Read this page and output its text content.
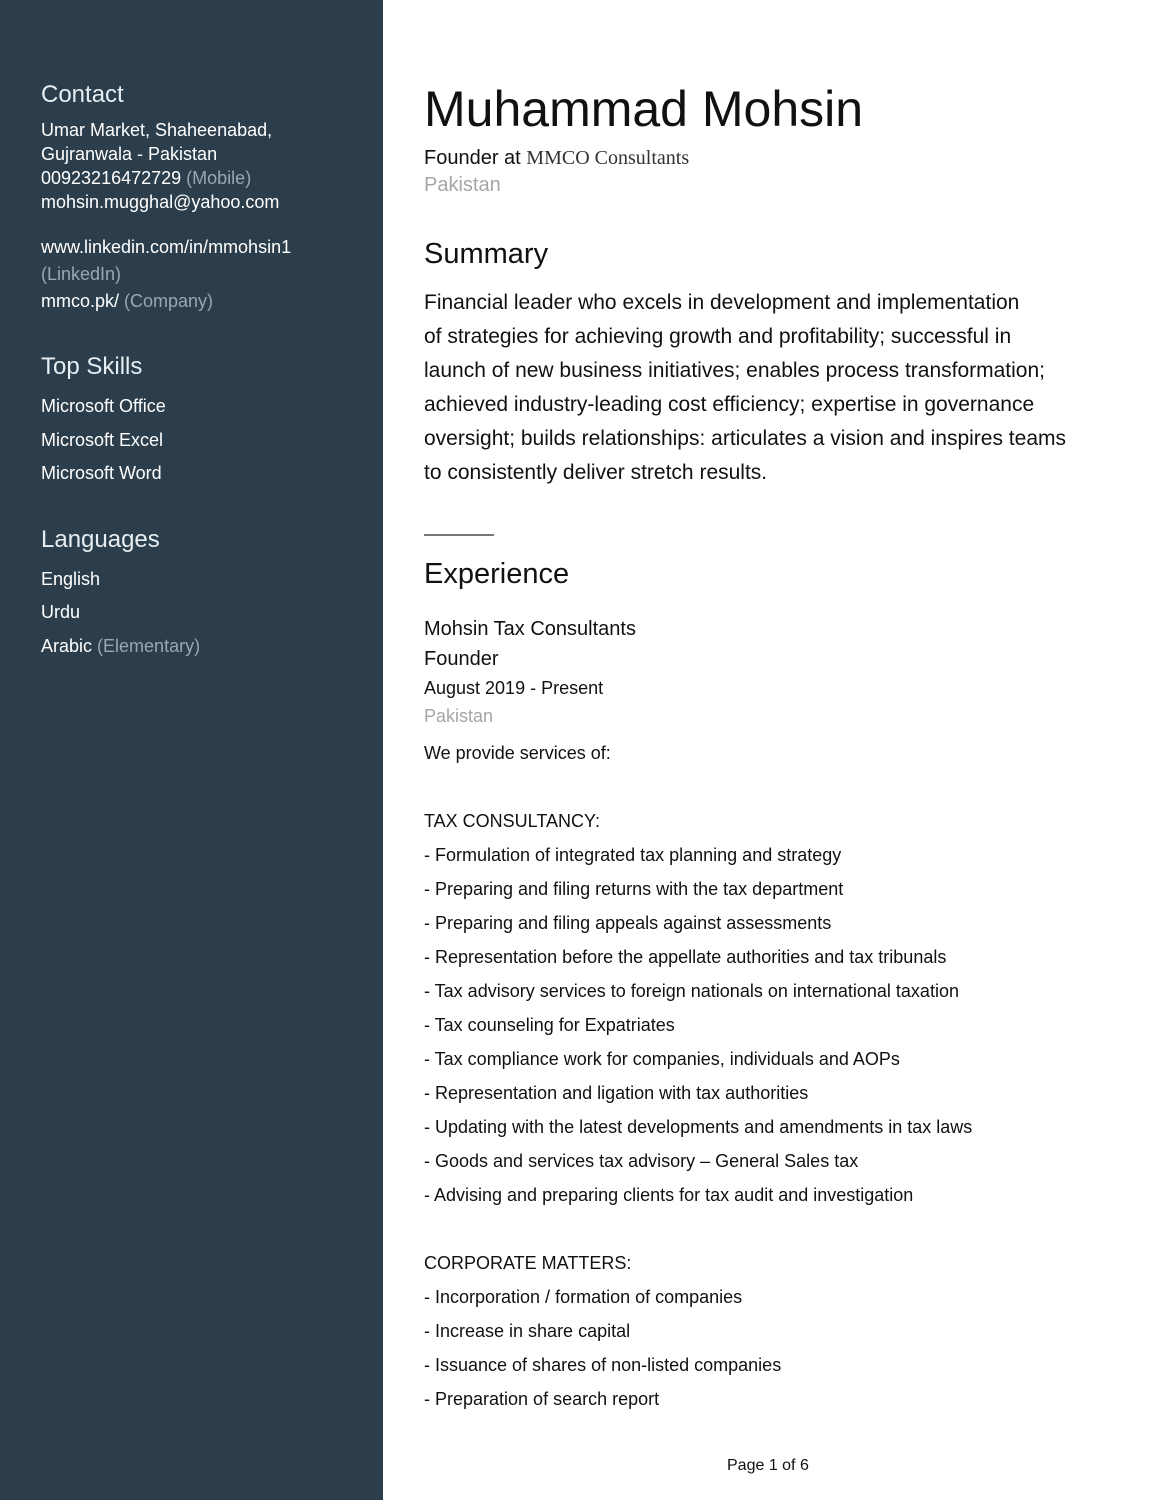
Contact
Umar Market, Shaheenabad,
Gujranwala - Pakistan
00923216472729 (Mobile)
mohsin.mugghal@yahoo.com
www.linkedin.com/in/mmohsin1
(LinkedIn)
mmco.pk/ (Company)
Top Skills
Microsoft Office
Microsoft Excel
Microsoft Word
Languages
English
Urdu
Arabic (Elementary)
Muhammad Mohsin
Founder at MMCO Consultants
Pakistan
Summary
Financial leader who excels in development and implementation
of strategies for achieving growth and profitability; successful in
launch of new business initiatives; enables process transformation;
achieved industry-leading cost efficiency; expertise in governance
oversight; builds relationships: articulates a vision and inspires teams
to consistently deliver stretch results.
Experience
Mohsin Tax Consultants
Founder
August 2019 - Present
Pakistan
We provide services of:
TAX CONSULTANCY:
- Formulation of integrated tax planning and strategy
- Preparing and filing returns with the tax department
- Preparing and filing appeals against assessments
- Representation before the appellate authorities and tax tribunals
- Tax advisory services to foreign nationals on international taxation
- Tax counseling for Expatriates
- Tax compliance work for companies, individuals and AOPs
- Representation and ligation with tax authorities
- Updating with the latest developments and amendments in tax laws
- Goods and services tax advisory – General Sales tax
- Advising and preparing clients for tax audit and investigation
CORPORATE MATTERS:
- Incorporation / formation of companies
- Increase in share capital
- Issuance of shares of non-listed companies
- Preparation of search report
Page 1 of 6
